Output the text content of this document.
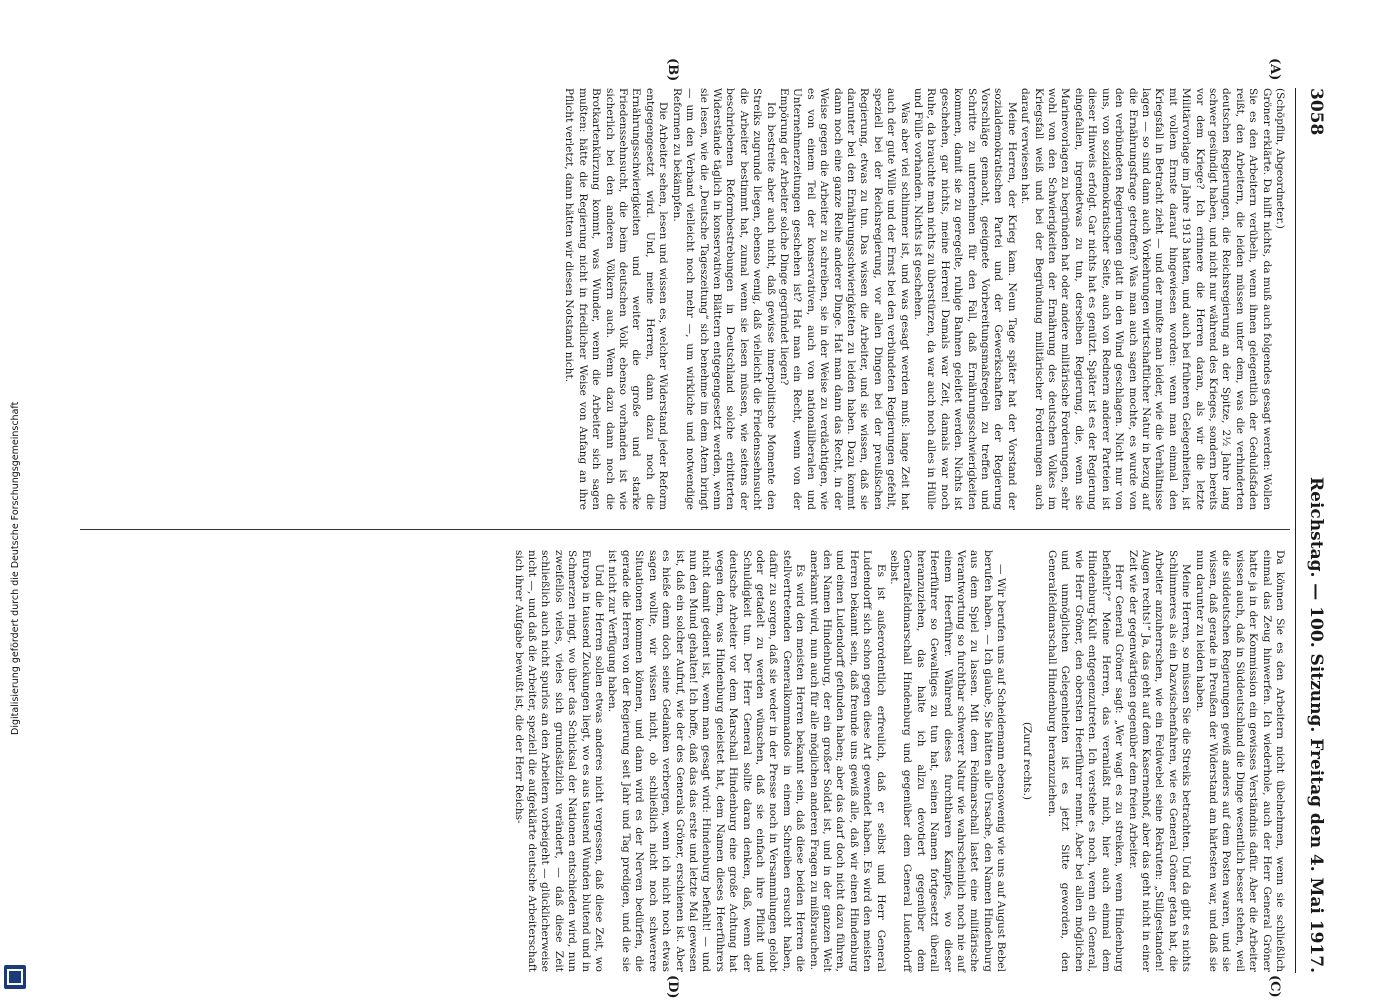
3058
Reichstag. — 100. Sitzung. Freitag den 4. Mai 1917.
(A)
(B)
(C)
(D)

(Schöpflin, Abgeordneter.)

Gröner erklärte. Da hilft nichts, da muß auch folgendes gesagt werden: Wollen Sie es den Arbeitern verübeln, wenn ihnen gelegentlich der Geduldsfaden reißt, den Arbeitern, die leiden müssen unter dem, was die verhinderten deutschen Regierungen, die Reichsregierung an der Spitze, 2½ Jahre lang schwer gesündigt haben, und nicht nur während des Krieges, sondern bereits vor dem Kriege? Ich erinnere die Herren daran, als wir die letzte Militärvorlage im Jahre 1913 hatten, und auch bei früheren Gelegenheiten, ist mit vollem Ernste darauf hingewiesen worden: wenn man einmal den Kriegsfall in Betracht zieht — und der mußte man leider, wie die Verhältnisse lagen — so sind dann auch Vorkehrungen wirtschaftlicher Natur in bezug auf die Ernährungsfrage getroffen? Was man auch sagen mochte, es wurde von den verbündeten Regierungen glatt in den Wind geschlagen. Nicht nur von uns, von sozialdemokratischer Seite, auch von Rednern anderer Parteien ist dieser Hinweis erfolgt. Gar nichts hat es genützt. Später ist es der Regierung eingefallen, irgendetwas zu tun, derselben Regierung, die, wenn sie Marinevorlagen zu begründen hat oder andere militärische Forderungen, sehr wohl von den Schwierigkeiten der Ernährung des deutschen Volkes im Kriegsfall weiß und bei der Begründung militärischer Forderungen auch darauf verwiesen hat.

Meine Herren, der Krieg kam. Neun Tage später hat der Vorstand der sozialdemokratischen Partei und der Gewerkschaften der Regierung Vorschläge gemacht, geeignete Vorbereitungsmaßregeln zu treffen und Schritte zu unternehmen für den Fall, daß Ernährungsschwierigkeiten kommen, damit sie zu geregelte, ruhige Bahnen geleitet werden. Nichts ist geschehen, gar nichts, meine Herren! Damals war Zeit, damals war noch Ruhe, da brauchte man nichts zu überstürzen, da war auch noch alles in Hülle und Fülle vorhanden. Nichts ist geschehen.

Was aber viel schlimmer ist, und was gesagt werden muß: lange Zeit hat auch der gute Wille und der Ernst bei den verbündeten Regierungen gefehlt, speziell bei der Reichsregierung, vor allen Dingen bei der preußischen Regierung, etwas zu tun. Das wissen die Arbeiter, und sie wissen, daß sie darunter bei den Ernährungsschwierigkeiten zu leiden haben. Dazu kommt dann noch eine ganze Reihe anderer Dinge. Hat man dann das Recht, in der Weise gegen die Arbeiter zu schreiben, sie in der Weise zu verdächtigen, wie es von einem Teil der konservativen, auch von nationalliberalen und Unternehmerzeitungen geschehen ist? Hat man ein Recht, wenn von der Empörung der Arbeiter solche Dinge gegründet liegen?

Ich bestreite aber auch nicht, daß gewisse innerpolitische Momente den Streiks zugrunde liegen, ebenso wenig, daß vielleicht die Friedenssehnsucht die Arbeiter bestimmt hat, zumal wenn sie lesen müssen, wie seitens der beschriebenen Reformbestrebungen in Deutschland solche erbitterten Widerstände täglich in konservativen Blättern entgegengesetzt werden, wenn sie lesen, wie die „Deutsche Tageszeitung“ sich benehme im dem Atem bringt — um den Verband vielleicht noch mehr —, um wirkliche und notwendige Reformen zu bekämpfen.

Die Arbeiter sehen, lesen und wissen es, welcher Widerstand jeder Reform entgegengesetzt wird. Und, meine Herren, dann dazu noch die Ernährungsschwierigkeiten und weiter die große und starke Friedenssehnsucht, die beim deutschen Volk ebenso vorhanden ist wie sicherlich bei den anderen Völkern auch. Wenn dazu dann noch die Brotkartenkürzung kommt, was Wunder, wenn die Arbeiter sich sagen mußten: hätte die Regierung nicht in friedlicher Weise von Anfang an ihre Pflicht verletzt, dann hätten wir diesen Notstand nicht.

Da können Sie es den Arbeitern nicht übelnehmen, wenn sie schließlich einmal das Zeug hinwerfen. Ich wiederhole, auch der Herr General Gröner hatte ja in der Kommission ein gewisses Verständnis dafür. Aber die Arbeiter wissen auch, daß in Süddeutschland die Dinge wesentlich besser stehen, weil die süddeutschen Regierungen gewiß anders auf dem Posten waren, und sie wissen, daß gerade in Preußen der Widerstand am härtesten war, und daß sie nun darunter zu leiden haben.

Meine Herren, so müssen Sie die Streiks betrachten. Und da gibt es nichts Schlimmeres als ein Dazwischenfahren, wie es General Gröner getan hat, die Arbeiter anzuherrschen, wie ein Feldwebel seine Rekruten: „Stillgestanden! Augen rechts!“ Ja, das geht auf dem Kasernenhof, aber das geht nicht in einer Zeit wie der gegenwärtigen gegenüber dem freien Arbeiter.

Herr General Gröner sagt: „Wer wagt es zu streiken, wenn Hindenburg befiehlt?“ Meine Herren, das veranlaßt mich, hier auch einmal dem Hindenburg-Kult entgegenzutreten. Ich verstehe es noch, wenn ein General, wie Herr Gröner, den obersten Heerführer nennt. Aber bei allen möglichen und unmöglichen Gelegenheiten ist es jetzt Sitte geworden, den Generalfeldmarschall Hindenburg heranzuziehen.

(Zuruf rechts.)

— Wir berufen uns auf Scheidemann ebensowenig wie uns auf August Bebel berufen haben. — Ich glaube, Sie hätten alle Ursache, den Namen Hindenburg aus dem Spiel zu lassen. Mit dem Feldmarschall lastet eine militärische Verantwortung so furchtbar schwerer Natur wie wahrscheinlich noch nie auf einem Heerführer. Während dieses furchtbaren Kampfes, wo dieser Heerführer so Gewaltiges zu tun hat, seinen Namen fortgesetzt überall heranzuziehen, das halte ich allzu devotiert gegenüber dem Generalfeldmarschall Hindenburg und gegenüber dem General Ludendorff selbst.

Es ist außerordentlich erfreulich, daß er selbst und Herr General Ludendorff sich schon gegen diese Art gewendet haben. Es wird den meisten Herren bekannt sein, daß freunde uns gewiß alle, daß wir einen Hindenburg und einen Ludendorff gefunden haben; aber das darf doch nicht dazu führen, den Namen Hindenburg, der ein großer Soldat ist, und in der ganzen Welt anerkannt wird, nun auch für alle möglichen anderen Fragen zu mißbrauchen.

Es wird den meisten Herren bekannt sein, daß diese beiden Herren die stellvertretenden Generalkommandos in einem Schreiben ersucht haben, dafür zu sorgen, daß sie weder in der Presse noch in Versammlungen gelobt oder getadelt zu werden wünschen, daß sie einfach ihre Pflicht und Schuldigkeit tun. Der Herr General sollte daran denken, daß, wenn der deutsche Arbeiter vor dem Marschall Hindenburg eine große Achtung hat wegen dem, was Hindenburg geleistet hat, dem Namen dieses Heerführers nicht damit gedient ist, wenn man gesagt wird: Hindenburg befiehlt! — und nun den Mund gehalten! Ich hoffe, daß das das erste und letzte Mal gewesen ist, daß ein solcher Aufruf, wie der des Generals Gröner, erschienen ist. Aber es hieße denn doch seine Gedanken verbergen, wenn ich nicht noch etwas sagen wollte, wir wissen nicht, ob schließlich nicht noch schwerere Situationen kommen können, und dann wird es der Nerven bedürfen, die gerade die Herren von der Regierung seit Jahr und Tag predigen, und die sie ist nicht zur Verfügung haben.

Und die Herren sollen etwas anderes nicht vergessen, daß diese Zeit, wo Europa in tausend Zuckungen liegt, wo es aus tausend Wunden blutend und in Schmerzen ringt, wo über das Schicksal der Nationen entschieden wird, nun zweifellos vieles, vieles sich grundsätzlich verändert, — daß diese Zeit schließlich auch nicht spurlos an den Arbeitern vorbeigeht — glücklicherweise nicht —, und daß die Arbeiter, speziell die aufgeklärte deutsche Arbeiterschaft sich ihrer Aufgabe bewußt ist, die der Herr Reichs-

Digitalisierung gefördert durch die Deutsche Forschungsgemeinschaft
